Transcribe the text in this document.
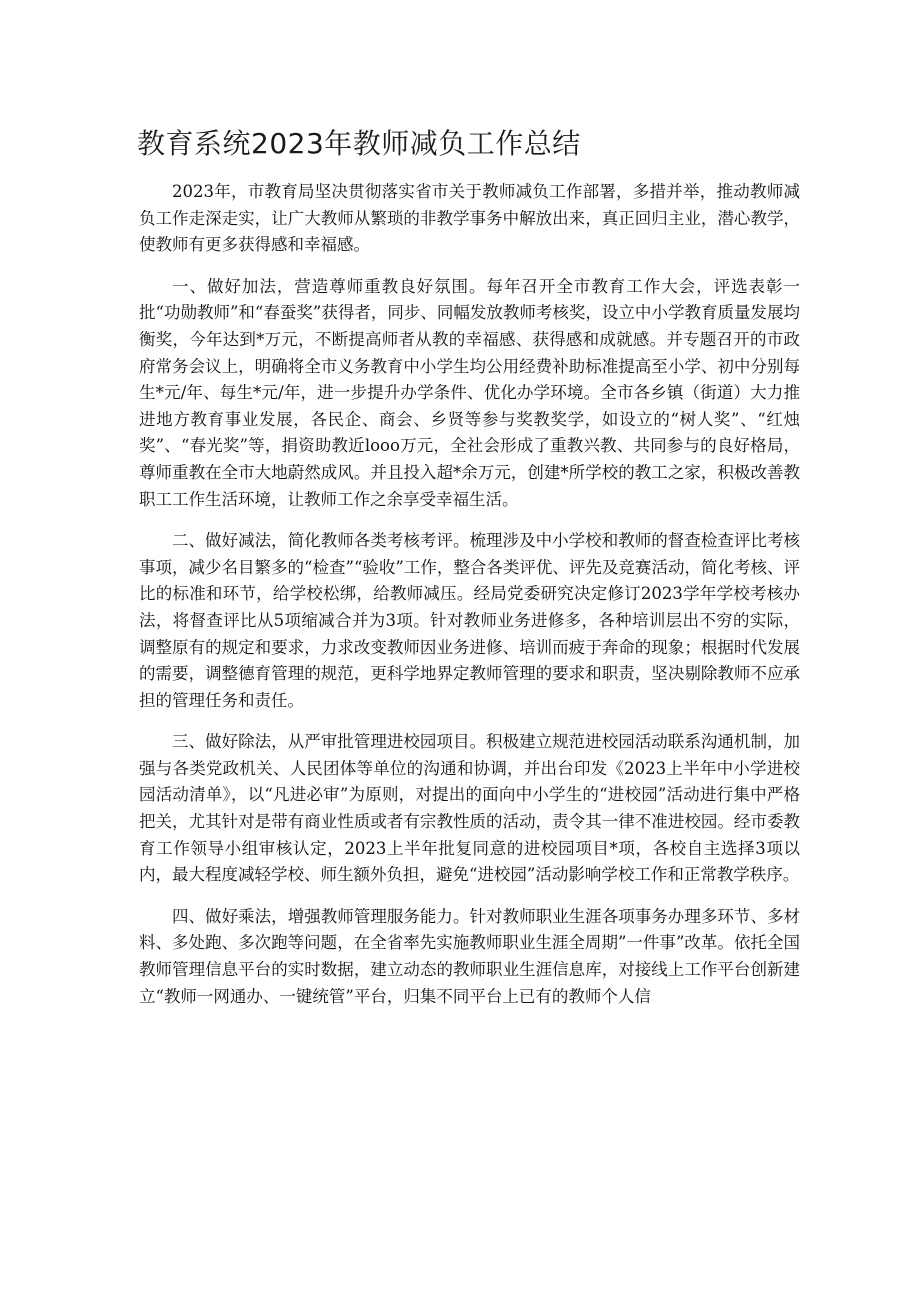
教育系统2023年教师减负工作总结

2023年，市教育局坚决贯彻落实省市关于教师减负工作部署，多措并举，推动教师减负工作走深走实，让广大教师从繁琐的非教学事务中解放出来，真正回归主业，潜心教学，使教师有更多获得感和幸福感。

一、做好加法，营造尊师重教良好氛围。每年召开全市教育工作大会，评选表彰一批“功勋教师”和“春蚕奖”获得者，同步、同幅发放教师考核奖，设立中小学教育质量发展均衡奖，今年达到*万元，不断提高师者从教的幸福感、获得感和成就感。并专题召开的市政府常务会议上，明确将全市义务教育中小学生均公用经费补助标准提高至小学、初中分别每生*元/年、每生*元/年，进一步提升办学条件、优化办学环境。全市各乡镇（街道）大力推进地方教育事业发展，各民企、商会、乡贤等参与奖教奖学，如设立的“树人奖”、“红烛奖”、“春光奖”等，捐资助教近looo万元，全社会形成了重教兴教、共同参与的良好格局，尊师重教在全市大地蔚然成风。并且投入超*余万元，创建*所学校的教工之家，积极改善教职工工作生活环境，让教师工作之余享受幸福生活。

二、做好减法，简化教师各类考核考评。梳理涉及中小学校和教师的督查检查评比考核事项，减少名目繁多的“检查”“验收”工作，整合各类评优、评先及竞赛活动，简化考核、评比的标准和环节，给学校松绑，给教师减压。经局党委研究决定修订2023学年学校考核办法，将督查评比从5项缩减合并为3项。针对教师业务进修多，各种培训层出不穷的实际，调整原有的规定和要求，力求改变教师因业务进修、培训而疲于奔命的现象；根据时代发展的需要，调整德育管理的规范，更科学地界定教师管理的要求和职责，坚决剔除教师不应承担的管理任务和责任。

三、做好除法，从严审批管理进校园项目。积极建立规范进校园活动联系沟通机制，加强与各类党政机关、人民团体等单位的沟通和协调，并出台印发《2023上半年中小学进校园活动清单》，以“凡进必审”为原则，对提出的面向中小学生的“进校园”活动进行集中严格把关，尤其针对是带有商业性质或者有宗教性质的活动，责令其一律不准进校园。经市委教育工作领导小组审核认定，2023上半年批复同意的进校园项目*项，各校自主选择3项以内，最大程度减轻学校、师生额外负担，避免“进校园”活动影响学校工作和正常教学秩序。

四、做好乘法，增强教师管理服务能力。针对教师职业生涯各项事务办理多环节、多材料、多处跑、多次跑等问题，在全省率先实施教师职业生涯全周期”一件事”改革。依托全国教师管理信息平台的实时数据，建立动态的教师职业生涯信息库，对接线上工作平台创新建立“教师一网通办、一键统管”平台，归集不同平台上已有的教师个人信
